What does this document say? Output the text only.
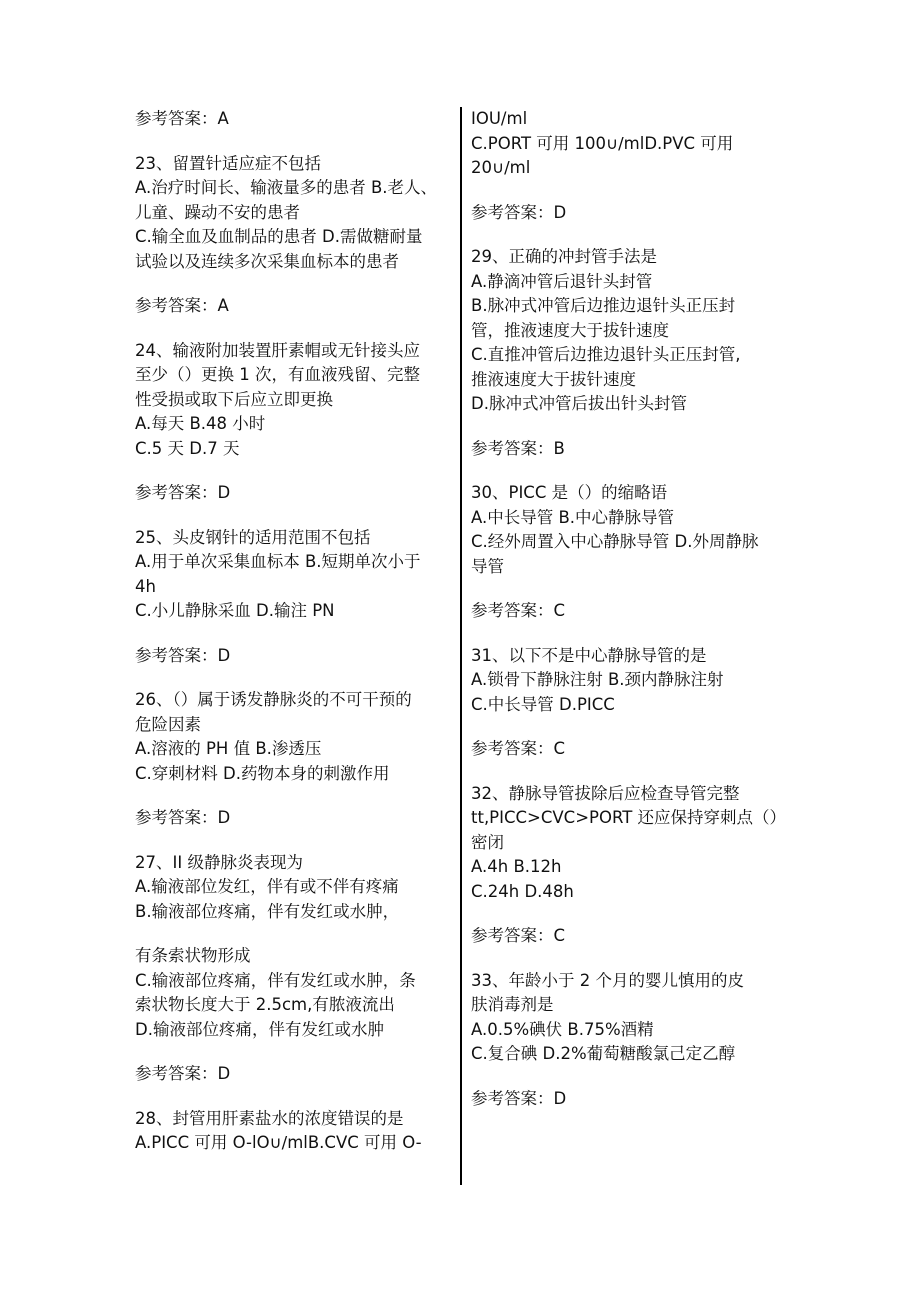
参考答案：A
23、留置针适应症不包括
A.治疗时间长、输液量多的患者 B.老人、
儿童、躁动不安的患者
C.输全血及血制品的患者 D.需做糖耐量
试验以及连续多次采集血标本的患者
参考答案：A
24、输液附加装置肝素帽或无针接头应
至少（）更换 1 次，有血液残留、完整
性受损或取下后应立即更换
A.每天 B.48 小时
C.5 天 D.7 天
参考答案：D
25、头皮钢针的适用范围不包括
A.用于单次采集血标本 B.短期单次小于
4h
C.小儿静脉采血 D.输注 PN
参考答案：D
26、（）属于诱发静脉炎的不可干预的
危险因素
A.溶液的 PH 值 B.渗透压
C.穿刺材料 D.药物本身的刺激作用
参考答案：D
27、II 级静脉炎表现为
A.输液部位发红，伴有或不伴有疼痛
B.输液部位疼痛，伴有发红或水肿，
有条索状物形成
C.输液部位疼痛，伴有发红或水肿，条
索状物长度大于 2.5cm,有脓液流出
D.输液部位疼痛，伴有发红或水肿
参考答案：D
28、封管用肝素盐水的浓度错误的是
A.PICC 可用 O-lO∪∕mlB.CVC 可用 O-
IOU/ml
C.PORT 可用 100∪∕mlD.PVC 可用
20∪∕ml
参考答案：D
29、正确的冲封管手法是
A.静滴冲管后退针头封管
B.脉冲式冲管后边推边退针头正压封
管，推液速度大于拔针速度
C.直推冲管后边推边退针头正压封管,
推液速度大于拔针速度
D.脉冲式冲管后拔出针头封管
参考答案：B
30、PICC 是（）的缩略语
A.中长导管 B.中心静脉导管
C.经外周置入中心静脉导管 D.外周静脉
导管
参考答案：C
31、以下不是中心静脉导管的是
A.锁骨下静脉注射 B.颈内静脉注射
C.中长导管 D.PICC
参考答案：C
32、静脉导管拔除后应检查导管完整
tt,PICC>CVC>PORT 还应保持穿刺点（）
密闭
A.4h B.12h
C.24h D.48h
参考答案：C
33、年龄小于 2 个月的婴儿慎用的皮
肤消毒剂是
A.0.5%碘伏 B.75%酒精
C.复合碘 D.2%葡萄糖酸氯己定乙醇
参考答案：D
